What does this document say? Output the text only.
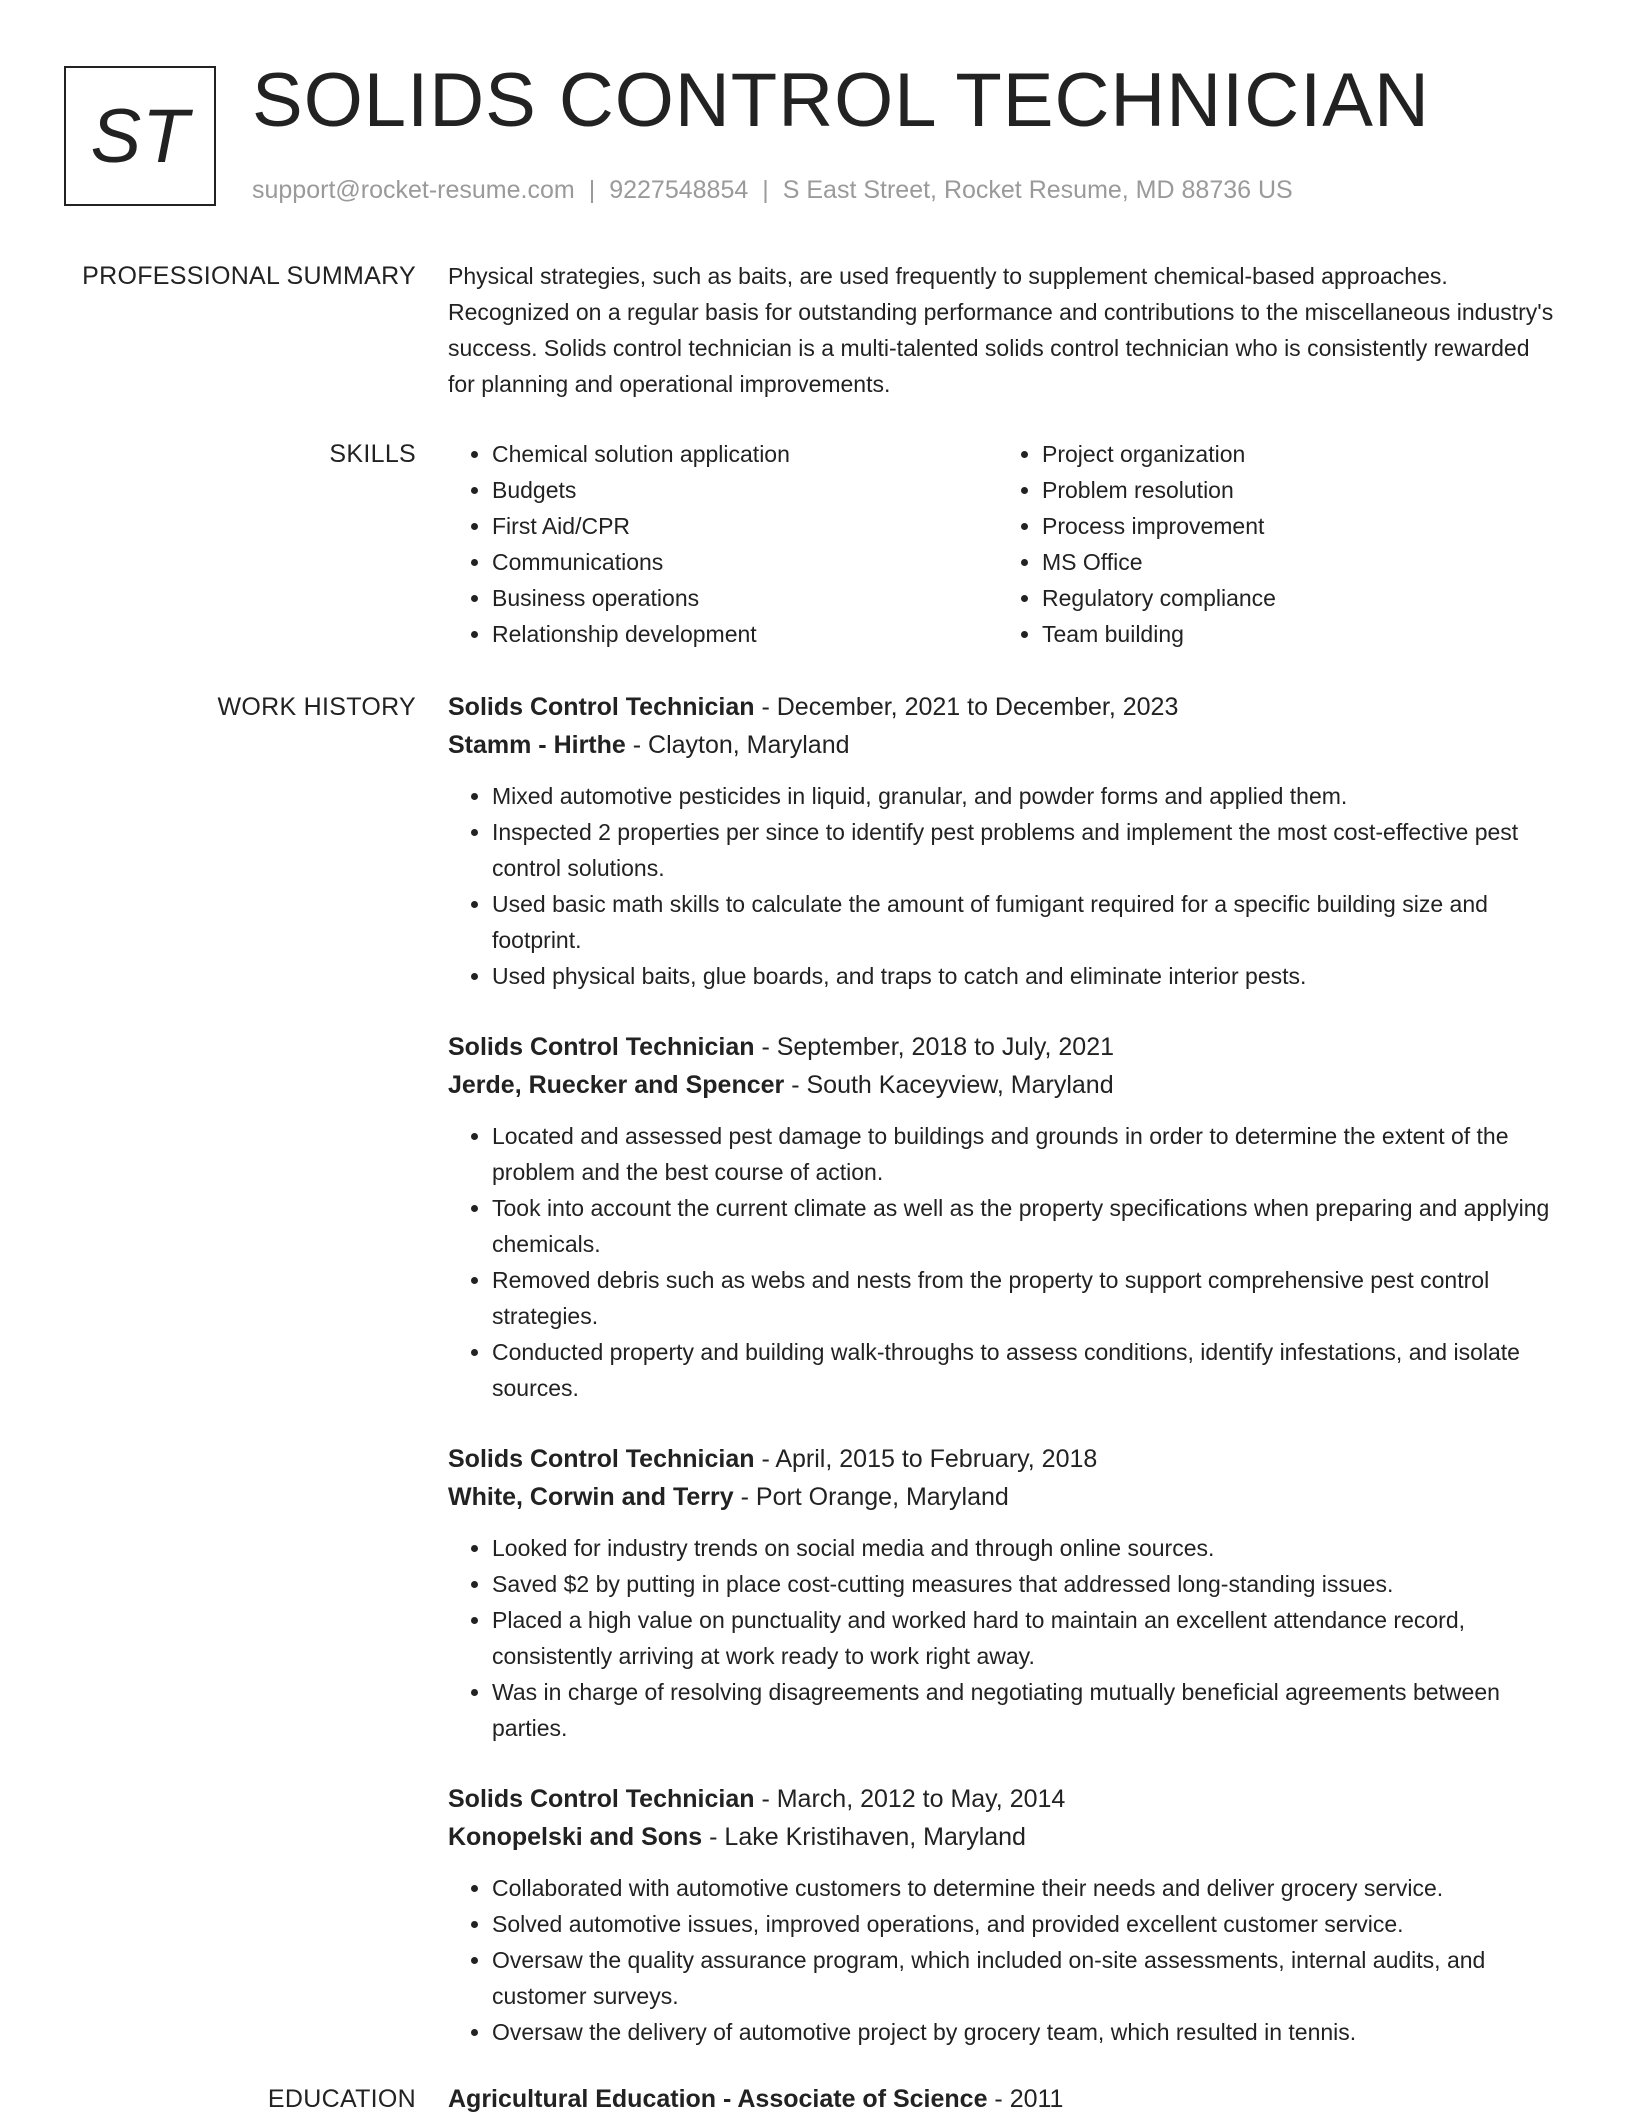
ST SOLIDS CONTROL TECHNICIAN
support@rocket-resume.com | 9227548854 | S East Street, Rocket Resume, MD 88736 US
PROFESSIONAL SUMMARY Physical strategies, such as baits, are used frequently to supplement chemical-based approaches. Recognized on a regular basis for outstanding performance and contributions to the miscellaneous industry's success. Solids control technician is a multi-talented solids control technician who is consistently rewarded for planning and operational improvements.

SKILLS
•	Chemical solution application
• Budgets
• First Aid/CPR
• Communications
• Business operations
• Relationship development
• Project organization
• Problem resolution
• Process improvement
• MS Office
• Regulatory compliance
• Team building
WORK HISTORY Solids Control Technician - December, 2021 to December, 2023
Stamm - Hirthe - Clayton, Maryland
• Mixed automotive pesticides in liquid, granular, and powder forms and applied them.
• Inspected 2 properties per since to identify pest problems and implement the most cost-effective pest control solutions.
• Used basic math skills to calculate the amount of fumigant required for a specific building size and footprint.
• Used physical baits, glue boards, and traps to catch and eliminate interior pests.
Solids Control Technician - September, 2018 to July, 2021
Jerde, Ruecker and Spencer - South Kaceyview, Maryland
• Located and assessed pest damage to buildings and grounds in order to determine the extent of the problem and the best course of action.
• Took into account the current climate as well as the property specifications when preparing and applying chemicals.
• Removed debris such as webs and nests from the property to support comprehensive pest control strategies.
• Conducted property and building walk-throughs to assess conditions, identify infestations, and isolate sources.
Solids Control Technician - April, 2015 to February, 2018
White, Corwin and Terry - Port Orange, Maryland
• Looked for industry trends on social media and through online sources.
• Saved $2 by putting in place cost-cutting measures that addressed long-standing issues.
• Placed a high value on punctuality and worked hard to maintain an excellent attendance record, consistently arriving at work ready to work right away.
• Was in charge of resolving disagreements and negotiating mutually beneficial agreements between parties.
Solids Control Technician - March, 2012 to May, 2014
Konopelski and Sons - Lake Kristihaven, Maryland
• Collaborated with automotive customers to determine their needs and deliver grocery service.
• Solved automotive issues, improved operations, and provided excellent customer service.
• Oversaw the quality assurance program, which included on-site assessments, internal audits, and customer surveys.
• Oversaw the delivery of automotive project by grocery team, which resulted in tennis.
EDUCATION Agricultural Education - Associate of Science - 2011
